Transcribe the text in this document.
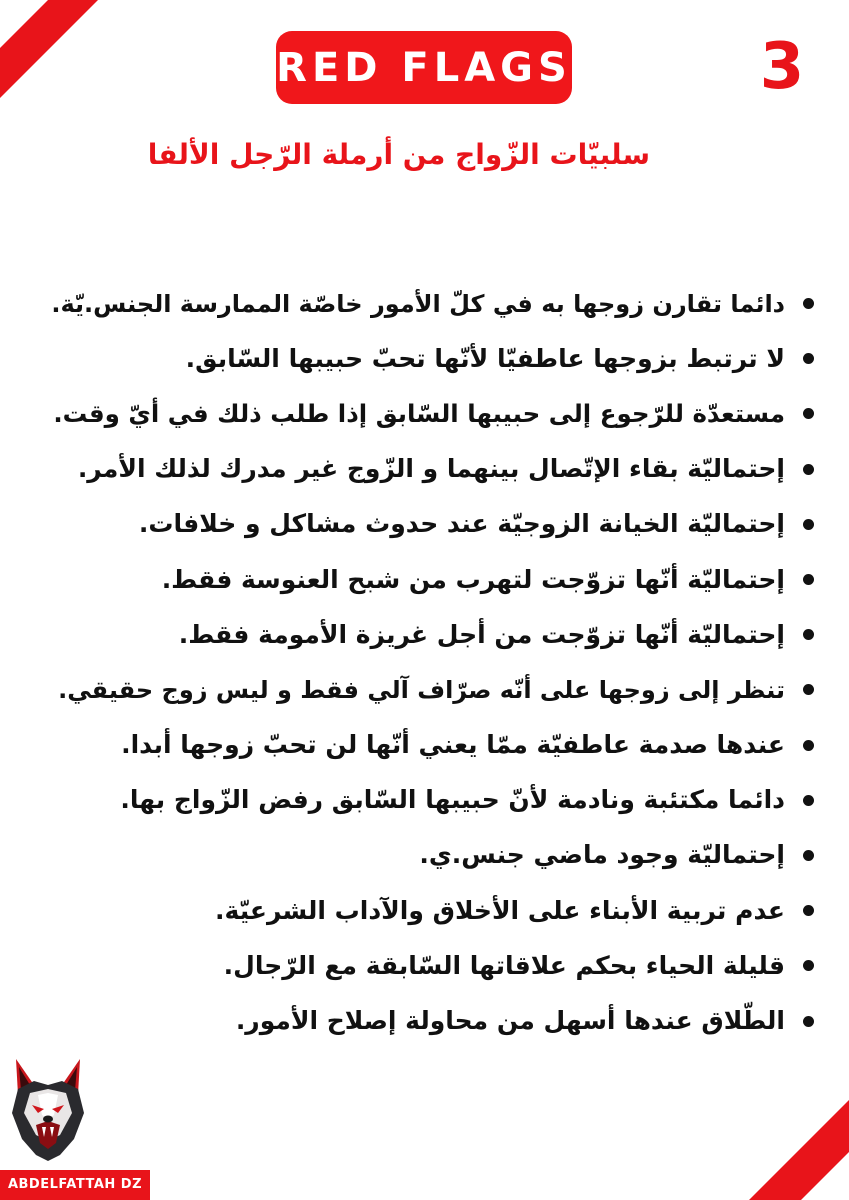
RED FLAGS	3
سلبيّات الزّواج من أرملة الرّجل الألفا
دائما تقارن زوجها به في كلّ الأمور خاصّة الممارسة الجنس.يّة.
لا ترتبط بزوجها عاطفيّا لأنّها تحبّ حبيبها السّابق.
مستعدّة للرّجوع إلى حبيبها السّابق إذا طلب ذلك في أيّ وقت.
إحتماليّة بقاء الإتّصال بينهما و الزّوج غير مدرك لذلك الأمر.
إحتماليّة الخيانة الزوجيّة عند حدوث مشاكل و خلافات.
إحتماليّة أنّها تزوّجت لتهرب من شبح العنوسة فقط.
إحتماليّة أنّها تزوّجت من أجل غريزة الأمومة فقط.
تنظر إلى زوجها على أنّه صرّاف آلي فقط و ليس زوج حقيقي.
عندها صدمة عاطفيّة ممّا يعني أنّها لن تحبّ زوجها أبدا.
دائما مكتئبة ونادمة لأنّ حبيبها السّابق رفض الزّواج بها.
إحتماليّة وجود ماضي جنس.ي.
عدم تربية الأبناء على الأخلاق والآداب الشرعيّة.
قليلة الحياء بحكم علاقاتها السّابقة مع الرّجال.
الطّلاق عندها أسهل من محاولة إصلاح الأمور.
ABDELFATTAH DZ
